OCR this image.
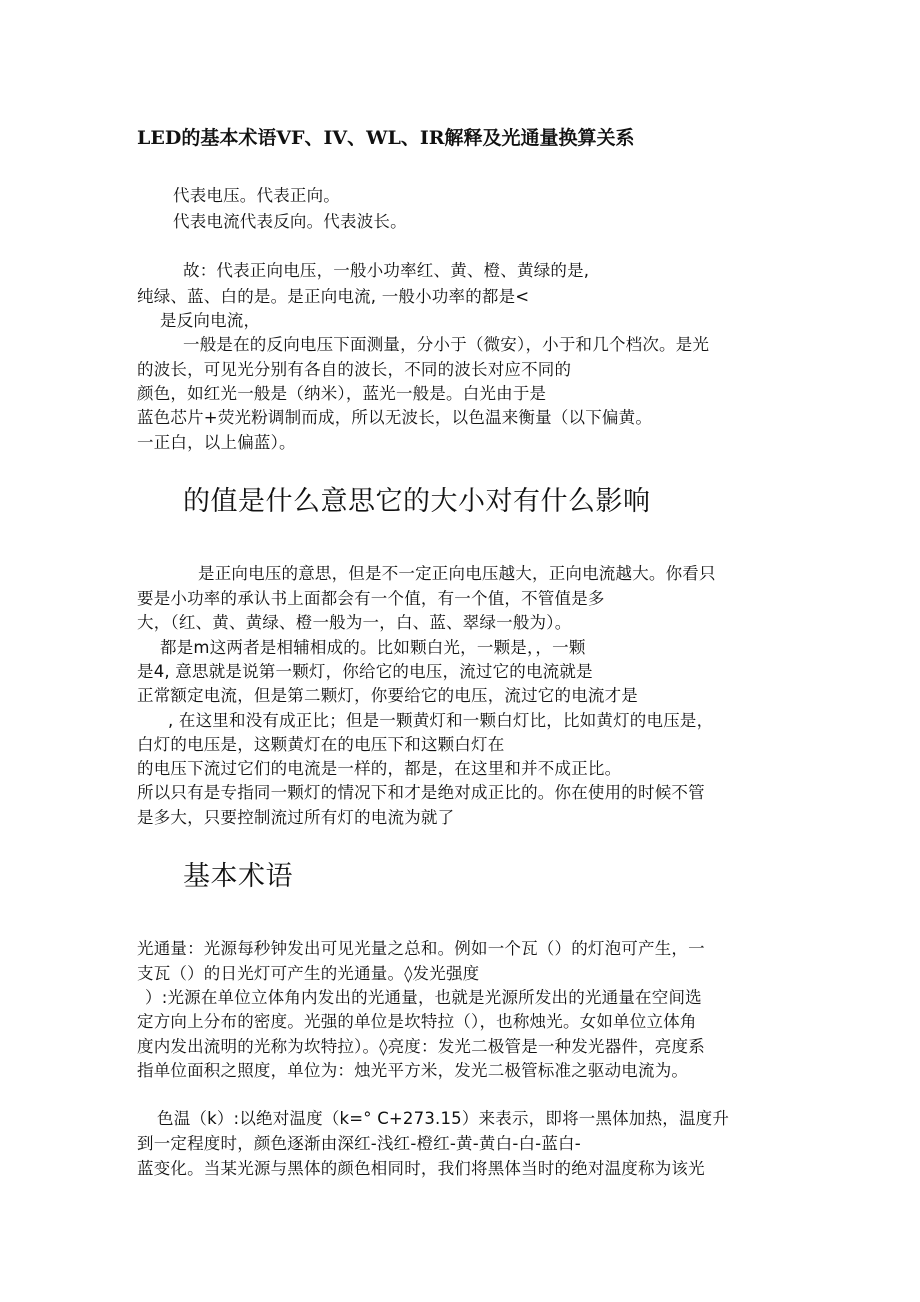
LED的基本术语VF、IV、WL、IR解释及光通量换算关系
代表电压。代表正向。
代表电流代表反向。代表波长。
故：代表正向电压，一般小功率红、黄、橙、黄绿的是,
纯绿、蓝、白的是。是正向电流, 一般小功率的都是<
是反向电流，
一般是在的反向电压下面测量，分小于（微安），小于和几个档次。是光
的波长，可见光分别有各自的波长，不同的波长对应不同的
颜色，如红光一般是（纳米），蓝光一般是。白光由于是
蓝色芯片+荧光粉调制而成，所以无波长，以色温来衡量（以下偏黄。
一正白，以上偏蓝）。
的值是什么意思它的大小对有什么影响
是正向电压的意思，但是不一定正向电压越大，正向电流越大。你看只
要是小功率的承认书上面都会有一个值，有一个值，不管值是多
大，（红、黄、黄绿、橙一般为一，白、蓝、翠绿一般为）。
都是m这两者是相辅相成的。比如颗白光，一颗是，，一颗
是4, 意思就是说第一颗灯，你给它的电压，流过它的电流就是
正常额定电流，但是第二颗灯，你要给它的电压，流过它的电流才是
, 在这里和没有成正比；但是一颗黄灯和一颗白灯比，比如黄灯的电压是，
白灯的电压是，这颗黄灯在的电压下和这颗白灯在
的电压下流过它们的电流是一样的，都是，在这里和并不成正比。
所以只有是专指同一颗灯的情况下和才是绝对成正比的。你在使用的时候不管
是多大，只要控制流过所有灯的电流为就了
基本术语
光通量：光源每秒钟发出可见光量之总和。例如一个瓦（）的灯泡可产生，一
支瓦（）的日光灯可产生的光通量。◊发光强度
）:光源在单位立体角内发出的光通量，也就是光源所发出的光通量在空间选
定方向上分布的密度。光强的单位是坎特拉（），也称烛光。女如单位立体角
度内发出流明的光称为坎特拉）。◊亮度：发光二极管是一种发光器件，亮度系
指单位面积之照度，单位为：烛光平方米，发光二极管标准之驱动电流为。
色温（k）:以绝对温度（k=° C+273.15）来表示，即将一黑体加热，温度升
到一定程度时，颜色逐渐由深红-浅红-橙红-黄-黄白-白-蓝白-
蓝变化。当某光源与黑体的颜色相同时，我们将黑体当时的绝对温度称为该光
